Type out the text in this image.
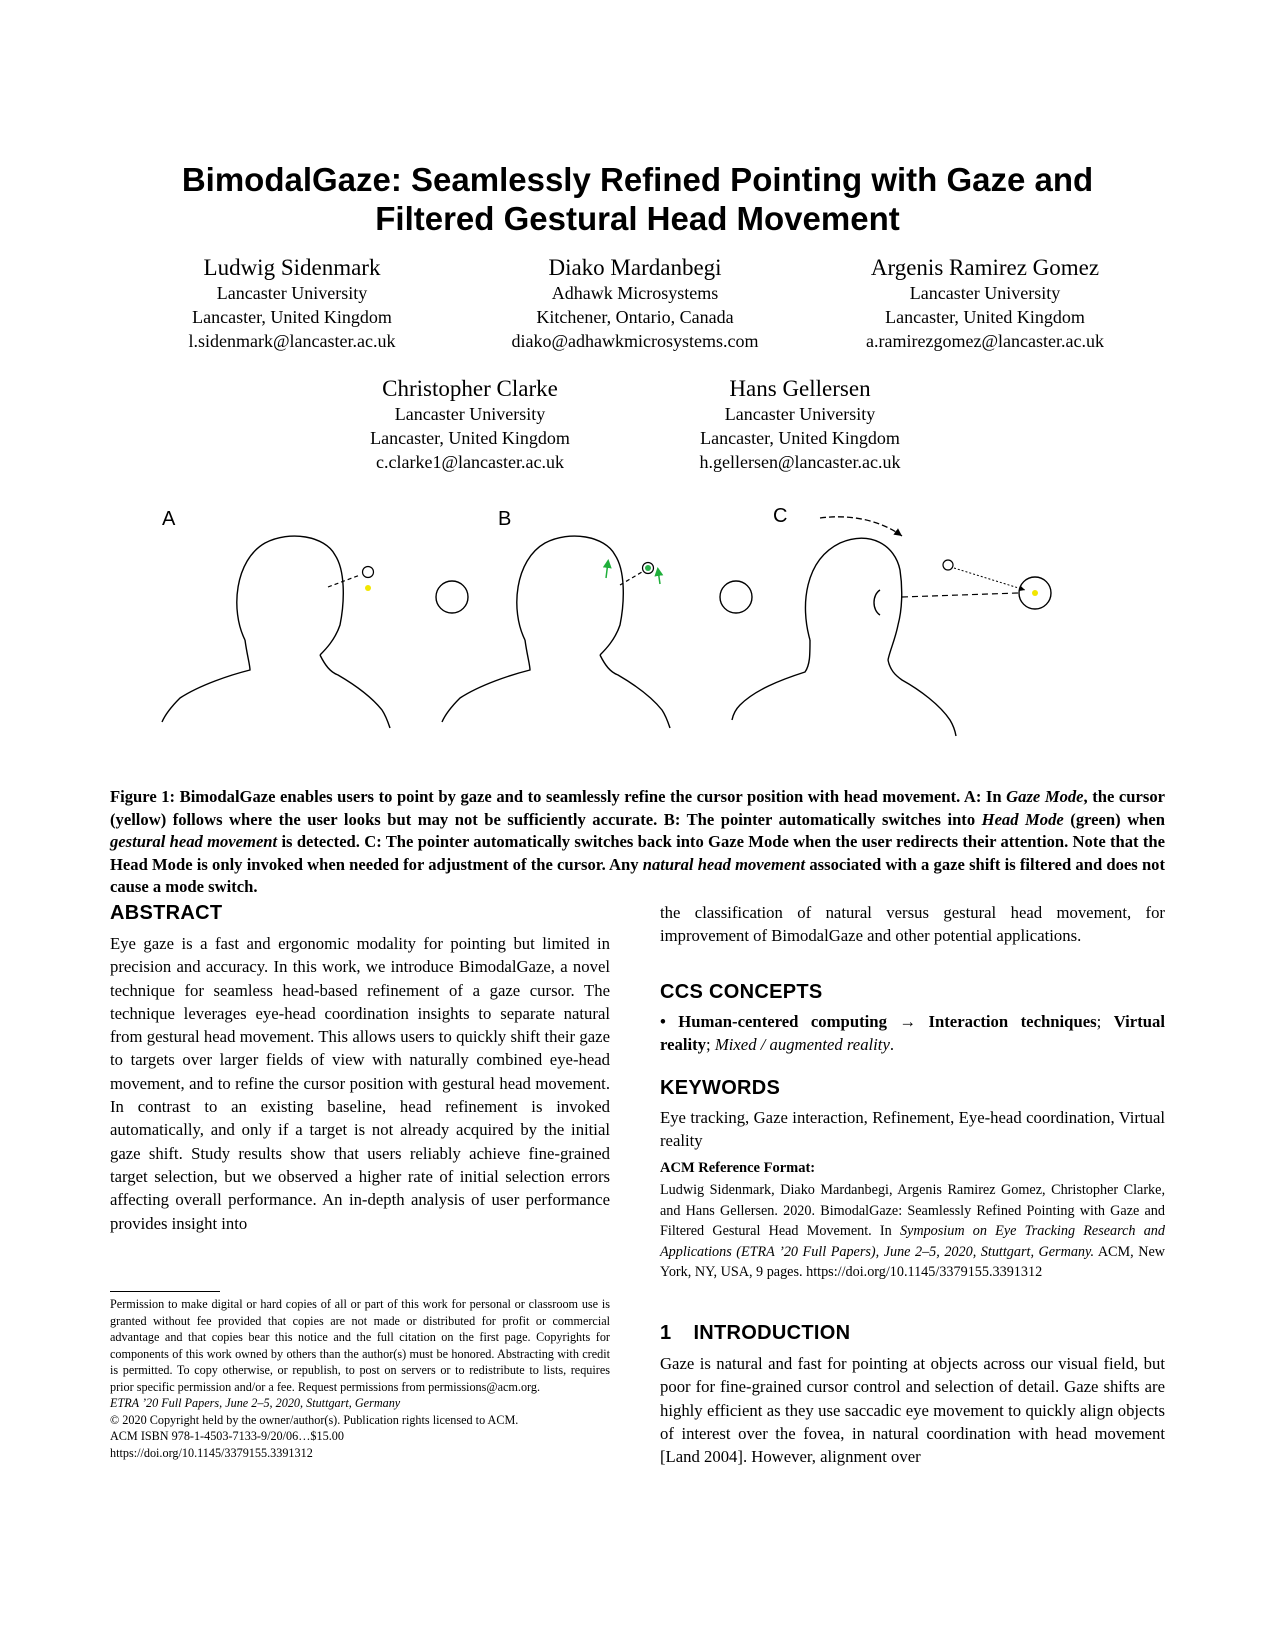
BimodalGaze: Seamlessly Refined Pointing with Gaze and
Filtered Gestural Head Movement
Ludwig Sidenmark
Lancaster University
Lancaster, United Kingdom
l.sidenmark@lancaster.ac.uk
Diako Mardanbegi
Adhawk Microsystems
Kitchener, Ontario, Canada
diako@adhawkmicrosystems.com
Argenis Ramirez Gomez
Lancaster University
Lancaster, United Kingdom
a.ramirezgomez@lancaster.ac.uk
Christopher Clarke
Lancaster University
Lancaster, United Kingdom
c.clarke1@lancaster.ac.uk
Hans Gellersen
Lancaster University
Lancaster, United Kingdom
h.gellersen@lancaster.ac.uk
A	B	C
Figure 1: BimodalGaze enables users to point by gaze and to seamlessly refine the cursor position with head movement. A: In Gaze Mode, the cursor (yellow) follows where the user looks but may not be sufficiently accurate. B: The pointer automatically switches into Head Mode (green) when gestural head movement is detected. C: The pointer automatically switches back into Gaze Mode when the user redirects their attention. Note that the Head Mode is only invoked when needed for adjustment of the cursor. Any natural head movement associated with a gaze shift is filtered and does not cause a mode switch.
ABSTRACT
Eye gaze is a fast and ergonomic modality for pointing but limited in precision and accuracy. In this work, we introduce BimodalGaze, a novel technique for seamless head-based refinement of a gaze cursor. The technique leverages eye-head coordination insights to separate natural from gestural head movement. This allows users to quickly shift their gaze to targets over larger fields of view with naturally combined eye-head movement, and to refine the cursor position with gestural head movement. In contrast to an existing baseline, head refinement is invoked automatically, and only if a target is not already acquired by the initial gaze shift. Study results show that users reliably achieve fine-grained target selection, but we observed a higher rate of initial selection errors affecting overall performance. An in-depth analysis of user performance provides insight into
Permission to make digital or hard copies of all or part of this work for personal or classroom use is granted without fee provided that copies are not made or distributed for profit or commercial advantage and that copies bear this notice and the full citation on the first page. Copyrights for components of this work owned by others than the author(s) must be honored. Abstracting with credit is permitted. To copy otherwise, or republish, to post on servers or to redistribute to lists, requires prior specific permission and/or a fee. Request permissions from permissions@acm.org.
ETRA ’20 Full Papers, June 2–5, 2020, Stuttgart, Germany
© 2020 Copyright held by the owner/author(s). Publication rights licensed to ACM.
ACM ISBN 978-1-4503-7133-9/20/06…$15.00
https://doi.org/10.1145/3379155.3391312
the classification of natural versus gestural head movement, for improvement of BimodalGaze and other potential applications.
CCS CONCEPTS
• Human-centered computing → Interaction techniques; Virtual reality; Mixed / augmented reality.
KEYWORDS
Eye tracking, Gaze interaction, Refinement, Eye-head coordination, Virtual reality
ACM Reference Format:
Ludwig Sidenmark, Diako Mardanbegi, Argenis Ramirez Gomez, Christopher Clarke, and Hans Gellersen. 2020. BimodalGaze: Seamlessly Refined Pointing with Gaze and Filtered Gestural Head Movement. In Symposium on Eye Tracking Research and Applications (ETRA ’20 Full Papers), June 2–5, 2020, Stuttgart, Germany. ACM, New York, NY, USA, 9 pages. https://doi.org/10.1145/3379155.3391312
1 INTRODUCTION
Gaze is natural and fast for pointing at objects across our visual field, but poor for fine-grained cursor control and selection of detail. Gaze shifts are highly efficient as they use saccadic eye movement to quickly align objects of interest over the fovea, in natural coordination with head movement [Land 2004]. However, alignment over
